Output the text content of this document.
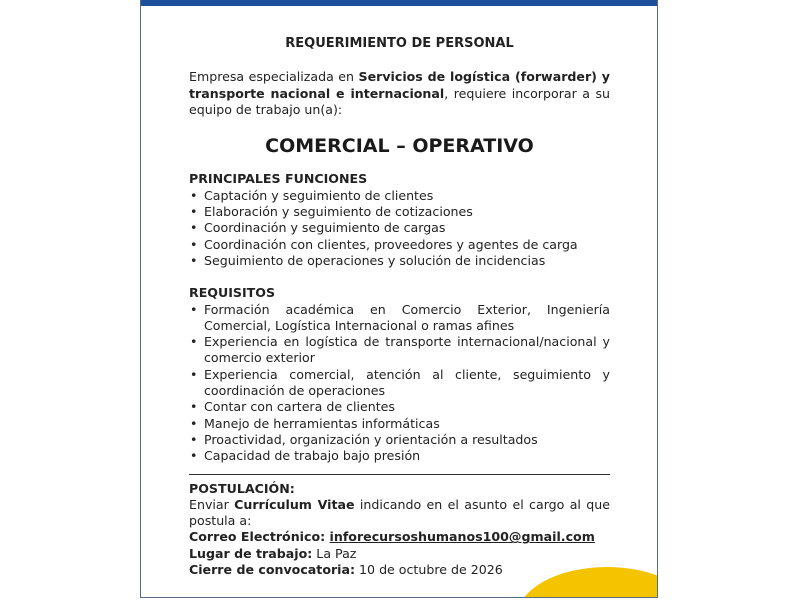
REQUERIMIENTO DE PERSONAL

Empresa especializada en Servicios de logística (forwarder) y transporte nacional e internacional, requiere incorporar a su equipo de trabajo un(a):

COMERCIAL – OPERATIVO
PRINCIPALES FUNCIONES
• Captación y seguimiento de clientes
• Elaboración y seguimiento de cotizaciones
• Coordinación y seguimiento de cargas
• Coordinación con clientes, proveedores y agentes de carga
• Seguimiento de operaciones y solución de incidencias
REQUISITOS
• Formación académica en Comercio Exterior, Ingeniería Comercial, Logística Internacional o ramas afines
• Experiencia en logística de transporte internacional/nacional y comercio exterior
• Experiencia comercial, atención al cliente, seguimiento y coordinación de operaciones
• Contar con cartera de clientes
• Manejo de herramientas informáticas
• Proactividad, organización y orientación a resultados
• Capacidad de trabajo bajo presión
POSTULACIÓN:

Enviar Currículum Vitae indicando en el asunto el cargo al que postula a:

Correo Electrónico: inforecursoshumanos100@gmail.com

Lugar de trabajo: La Paz

Cierre de convocatoria: 10 de octubre de 2026
